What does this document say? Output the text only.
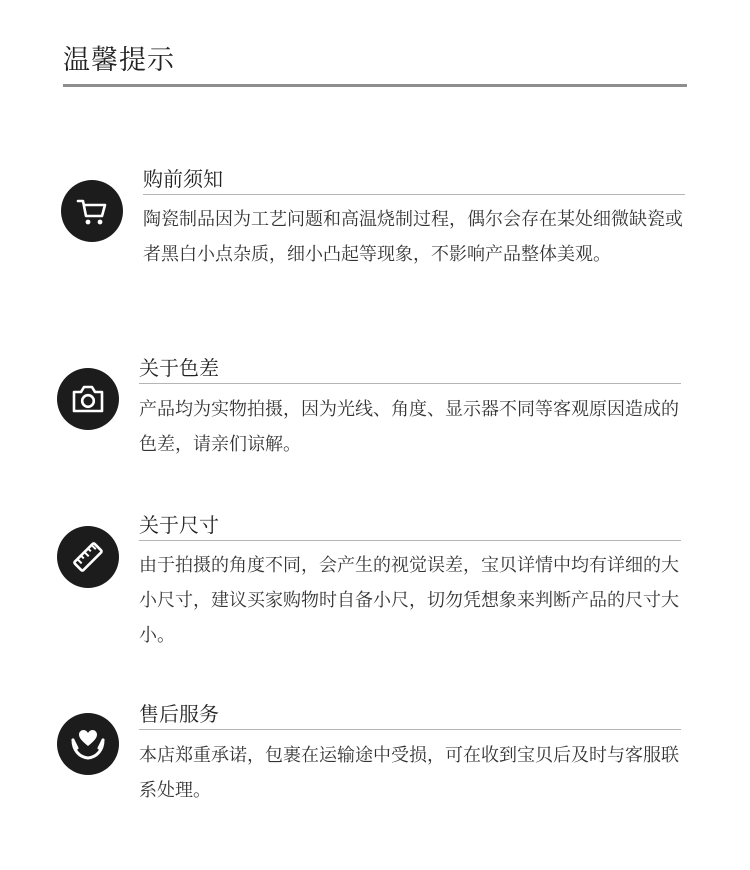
温馨提示
购前须知
陶瓷制品因为工艺问题和高温烧制过程，偶尔会存在某处细微缺瓷或者黑白小点杂质，细小凸起等现象，不影响产品整体美观。
关于色差
产品均为实物拍摄，因为光线、角度、显示器不同等客观原因造成的色差，请亲们谅解。
关于尺寸
由于拍摄的角度不同，会产生的视觉误差，宝贝详情中均有详细的大小尺寸，建议买家购物时自备小尺，切勿凭想象来判断产品的尺寸大小。
售后服务
本店郑重承诺，包裹在运输途中受损，可在收到宝贝后及时与客服联系处理。
